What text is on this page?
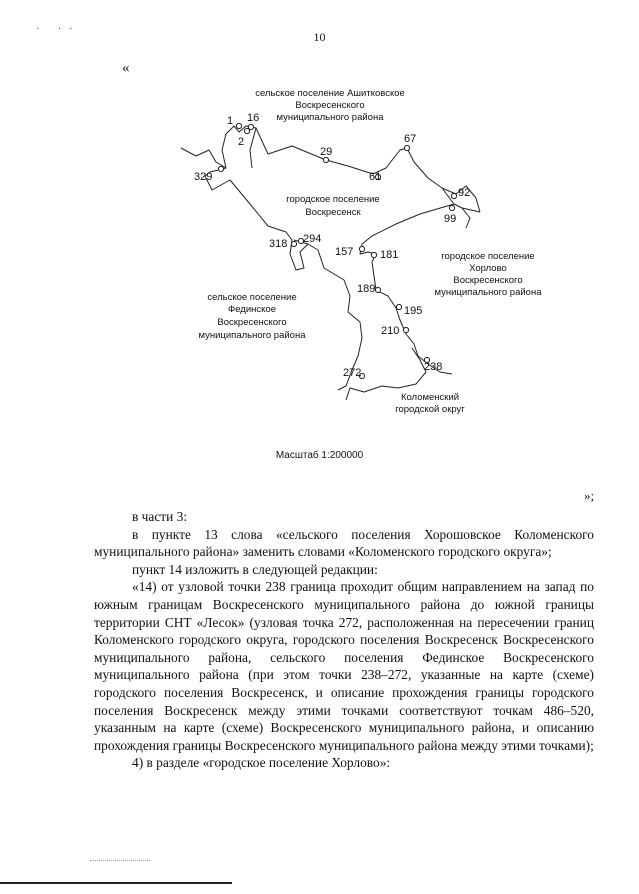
· ··
10
«
1 16
2
29
67
61
329
92
99
318 294
157 181
189
195
210
238
272
сельское поселение Ашитковское
Воскресенского
муниципального района
городское поселение
Воскресенск
городское поселение
Хорлово
Воскресенского
муниципального района
сельское поселение
Фединское
Воскресенского
муниципального района
Коломенский
городской округ
Масштаб 1:200000
»;

в части 3:

в пункте 13 слова «сельского поселения Хорошовское Коломенского муниципального района» заменить словами «Коломенского городского округа»;

пункт 14 изложить в следующей редакции:

«14) от узловой точки 238 граница проходит общим направлением на запад по южным границам Воскресенского муниципального района до южной границы территории СНТ «Лесок» (узловая точка 272, расположенная на пересечении границ Коломенского городского округа, городского поселения Воскресенск Воскресенского муниципального района, сельского поселения Фединское Воскресенского муниципального района (при этом точки 238–272, указанные на карте (схеме) городского поселения Воскресенск, и описание прохождения границы городского поселения Воскресенск между этими точками соответствуют точкам 486–520, указанным на карте (схеме) Воскресенского муниципального района, и описанию прохождения границы Воскресенского муниципального района между этими точками);

4) в разделе «городское поселение Хорлово»:
